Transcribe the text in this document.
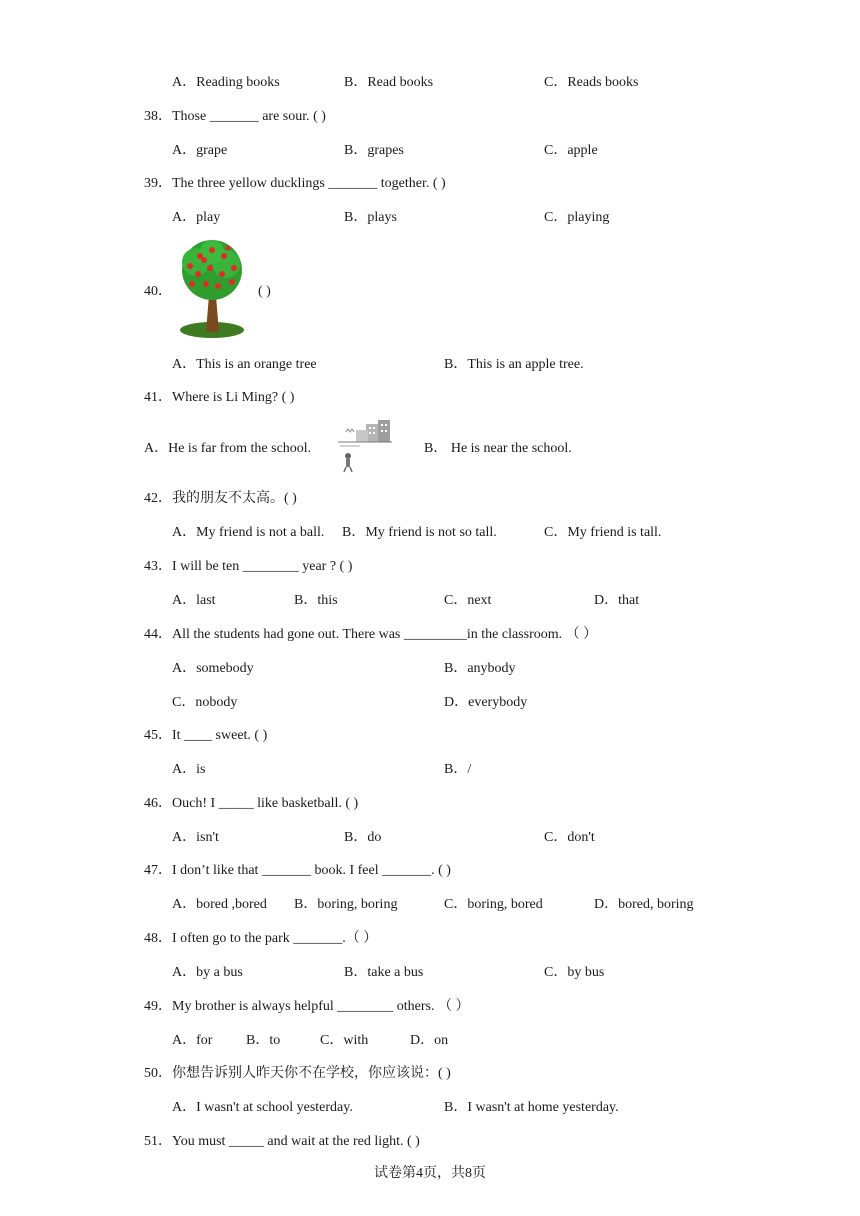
A．Reading books	B．Read books	C．Reads books
38．Those _______ are sour. ( )
A．grape	B．grapes	C．apple
39．The three yellow ducklings _______ together. ( )
A．play	B．plays	C．playing
40．	( )
A．This is an orange tree	B．This is an apple tree.
41．Where is Li Ming? ( )
A．He is far from the school.	B． He is near the school.
42．我的朋友不太高。( )
A．My friend is not a ball. B．My friend is not so tall.	C．My friend is tall.
43．I will be ten ________ year ? ( )
A．last	B．this	C．next	D．that
44．All the students had gone out. There was _________in the classroom. （ ）
A．somebody	B．anybody
C．nobody	D．everybody
45．It ____ sweet. ( )
A．is	B．/
46．Ouch! I _____ like basketball. ( )
A．isn't	B．do	C．don't
47．I don’t like that _______ book. I feel _______. ( )
A．bored ,bored B．boring, boring	C．boring, bored	D．bored, boring
48．I often go to the park _______.（ ）
A．by a bus	B．take a bus	C．by bus
49．My brother is always helpful ________ others. （ ）
A．for B．to	C．with	D．on
50．你想告诉别人昨天你不在学校，你应该说：( )
A．I wasn't at school yesterday.	B．I wasn't at home yesterday.
51．You must _____ and wait at the red light. ( )
试卷第4页，共8页
